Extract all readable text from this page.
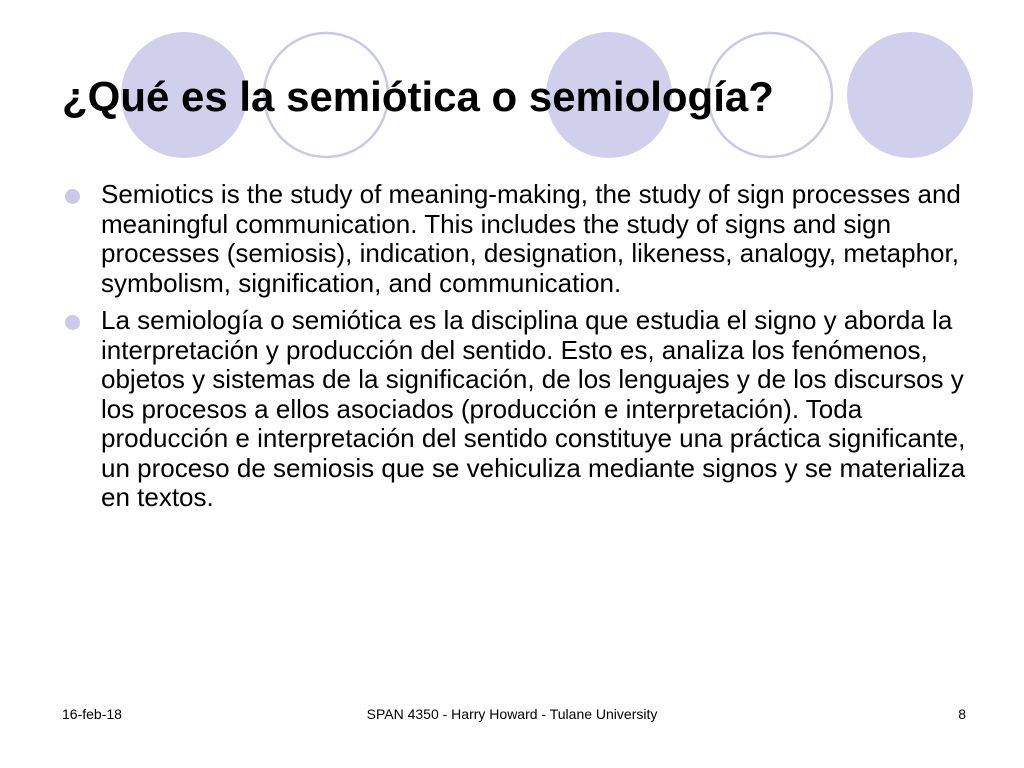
¿Qué es la semiótica o semiología?
Semiotics is the study of meaning-making, the study of sign processes and meaningful communication. This includes the study of signs and sign processes (semiosis), indication, designation, likeness, analogy, metaphor, symbolism, signification, and communication.
La semiología o semiótica es la disciplina que estudia el signo y aborda la interpretación y producción del sentido. Esto es, analiza los fenómenos, objetos y sistemas de la significación, de los lenguajes y de los discursos y los procesos a ellos asociados (producción e interpretación). Toda producción e interpretación del sentido constituye una práctica significante, un proceso de semiosis que se vehiculiza mediante signos y se materializa en textos.
16-feb-18	SPAN 4350 - Harry Howard - Tulane University	8
